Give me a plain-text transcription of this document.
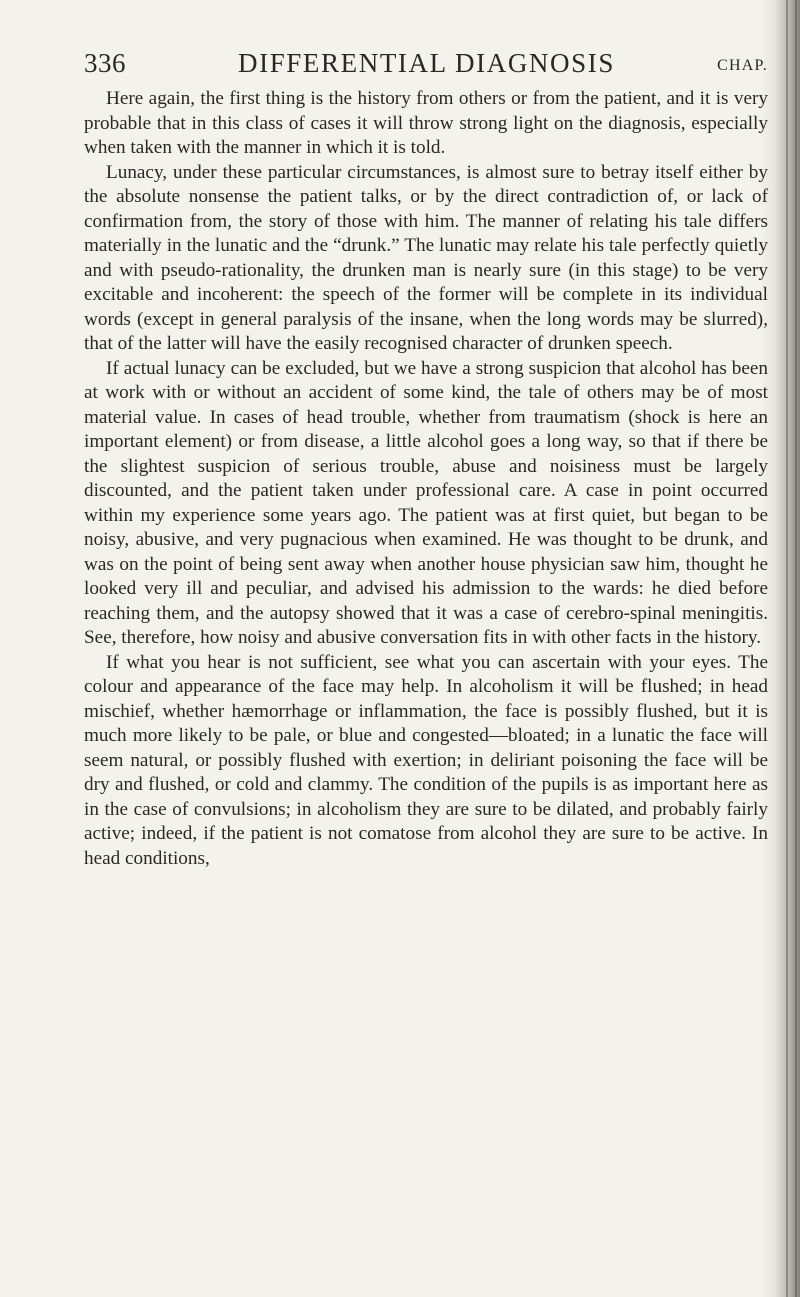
336	DIFFERENTIAL DIAGNOSIS	CHAP.

Here again, the first thing is the history from others or from the patient, and it is very probable that in this class of cases it will throw strong light on the diagnosis, especially when taken with the manner in which it is told.

Lunacy, under these particular circumstances, is almost sure to betray itself either by the absolute nonsense the patient talks, or by the direct contradiction of, or lack of confirmation from, the story of those with him. The manner of relating his tale differs materially in the lunatic and the “drunk.” The lunatic may relate his tale perfectly quietly and with pseudo-rationality, the drunken man is nearly sure (in this stage) to be very excitable and incoherent: the speech of the former will be complete in its individual words (except in general paralysis of the insane, when the long words may be slurred), that of the latter will have the easily recognised character of drunken speech.

If actual lunacy can be excluded, but we have a strong suspicion that alcohol has been at work with or without an accident of some kind, the tale of others may be of most material value. In cases of head trouble, whether from traumatism (shock is here an important element) or from disease, a little alcohol goes a long way, so that if there be the slightest suspicion of serious trouble, abuse and noisiness must be largely discounted, and the patient taken under professional care. A case in point occurred within my experience some years ago. The patient was at first quiet, but began to be noisy, abusive, and very pugnacious when examined. He was thought to be drunk, and was on the point of being sent away when another house physician saw him, thought he looked very ill and peculiar, and advised his admission to the wards: he died before reaching them, and the autopsy showed that it was a case of cerebro-spinal meningitis. See, therefore, how noisy and abusive conversation fits in with other facts in the history.

If what you hear is not sufficient, see what you can ascertain with your eyes. The colour and appearance of the face may help. In alcoholism it will be flushed; in head mischief, whether hæmorrhage or inflammation, the face is possibly flushed, but it is much more likely to be pale, or blue and congested—bloated; in a lunatic the face will seem natural, or possibly flushed with exertion; in deliriant poisoning the face will be dry and flushed, or cold and clammy. The condition of the pupils is as important here as in the case of convulsions; in alcoholism they are sure to be dilated, and probably fairly active; indeed, if the patient is not comatose from alcohol they are sure to be active. In head conditions,
